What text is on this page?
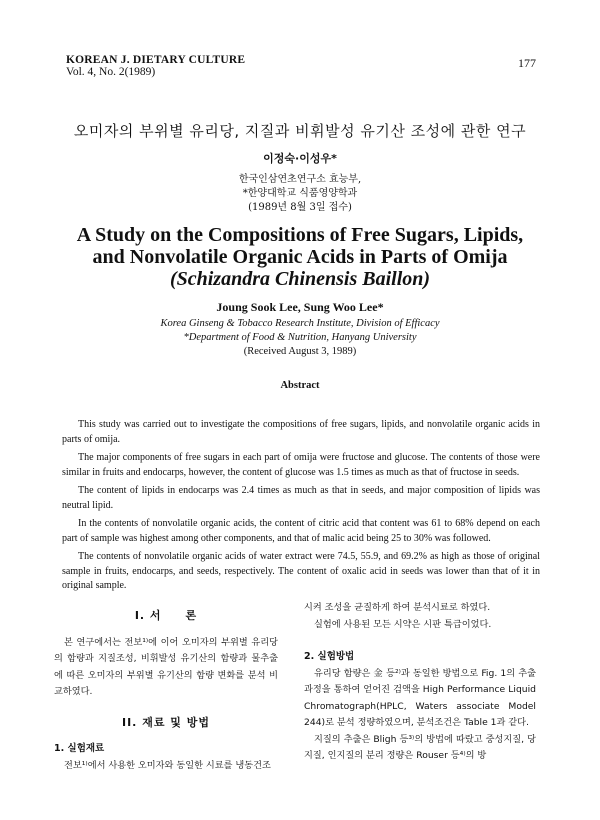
KOREAN J. DIETARY CULTURE
Vol. 4, No. 2(1989)
177
오미자의 부위별 유리당, 지질과 비휘발성 유기산 조성에 관한 연구
이정숙·이성우*
한국인삼연초연구소 효능부,
*한양대학교 식품영양학과
(1989년 8월 3일 접수)
A Study on the Compositions of Free Sugars, Lipids,
and Nonvolatile Organic Acids in Parts of Omija
(Schizandra Chinensis Baillon)
Joung Sook Lee, Sung Woo Lee*
Korea Ginseng & Tobacco Research Institute, Division of Efficacy
*Department of Food & Nutrition, Hanyang University
(Received August 3, 1989)
Abstract

This study was carried out to investigate the compositions of free sugars, lipids, and nonvolatile organic acids in parts of omija.

The major components of free sugars in each part of omija were fructose and glucose. The contents of those were similar in fruits and endocarps, however, the content of glucose was 1.5 times as much as that of fructose in seeds.

The content of lipids in endocarps was 2.4 times as much as that in seeds, and major composition of lipids was neutral lipid.

In the contents of nonvolatile organic acids, the content of citric acid that content was 61 to 68% depend on each part of sample was highest among other components, and that of malic acid being 25 to 30% was followed.

The contents of nonvolatile organic acids of water extract were 74.5, 55.9, and 69.2% as high as those of original sample in fruits, endocarps, and seeds, respectively. The content of oxalic acid in seeds was lower than that of it in original sample.

I. 서　　론

본 연구에서는 전보¹⁾에 이어 오미자의 부위별 유리당의 함량과 지질조성, 비휘발성 유기산의 함량과 물추출에 따른 오미자의 부위별 유기산의 함량 변화를 분석 비교하였다.

II. 재료 및 방법
1. 실험재료

전보¹⁾에서 사용한 오미자와 동일한 시료를 냉동건조

시켜 조성을 균질하게 하여 분석시료로 하였다.

실험에 사용된 모든 시약은 시판 특급이었다.

2. 실험방법

유리당 함량은 金 등²⁾과 동일한 방법으로 Fig. 1의 추출과정을 통하여 얻어진 검액을 High Performance Liquid Chromatograph(HPLC, Waters associate Model 244)로 분석 정량하였으며, 분석조건은 Table 1과 같다.

지질의 추출은 Bligh 등³⁾의 방법에 따랐고 중성지질, 당지질, 인지질의 분리 정량은 Rouser 등⁴⁾의 방
